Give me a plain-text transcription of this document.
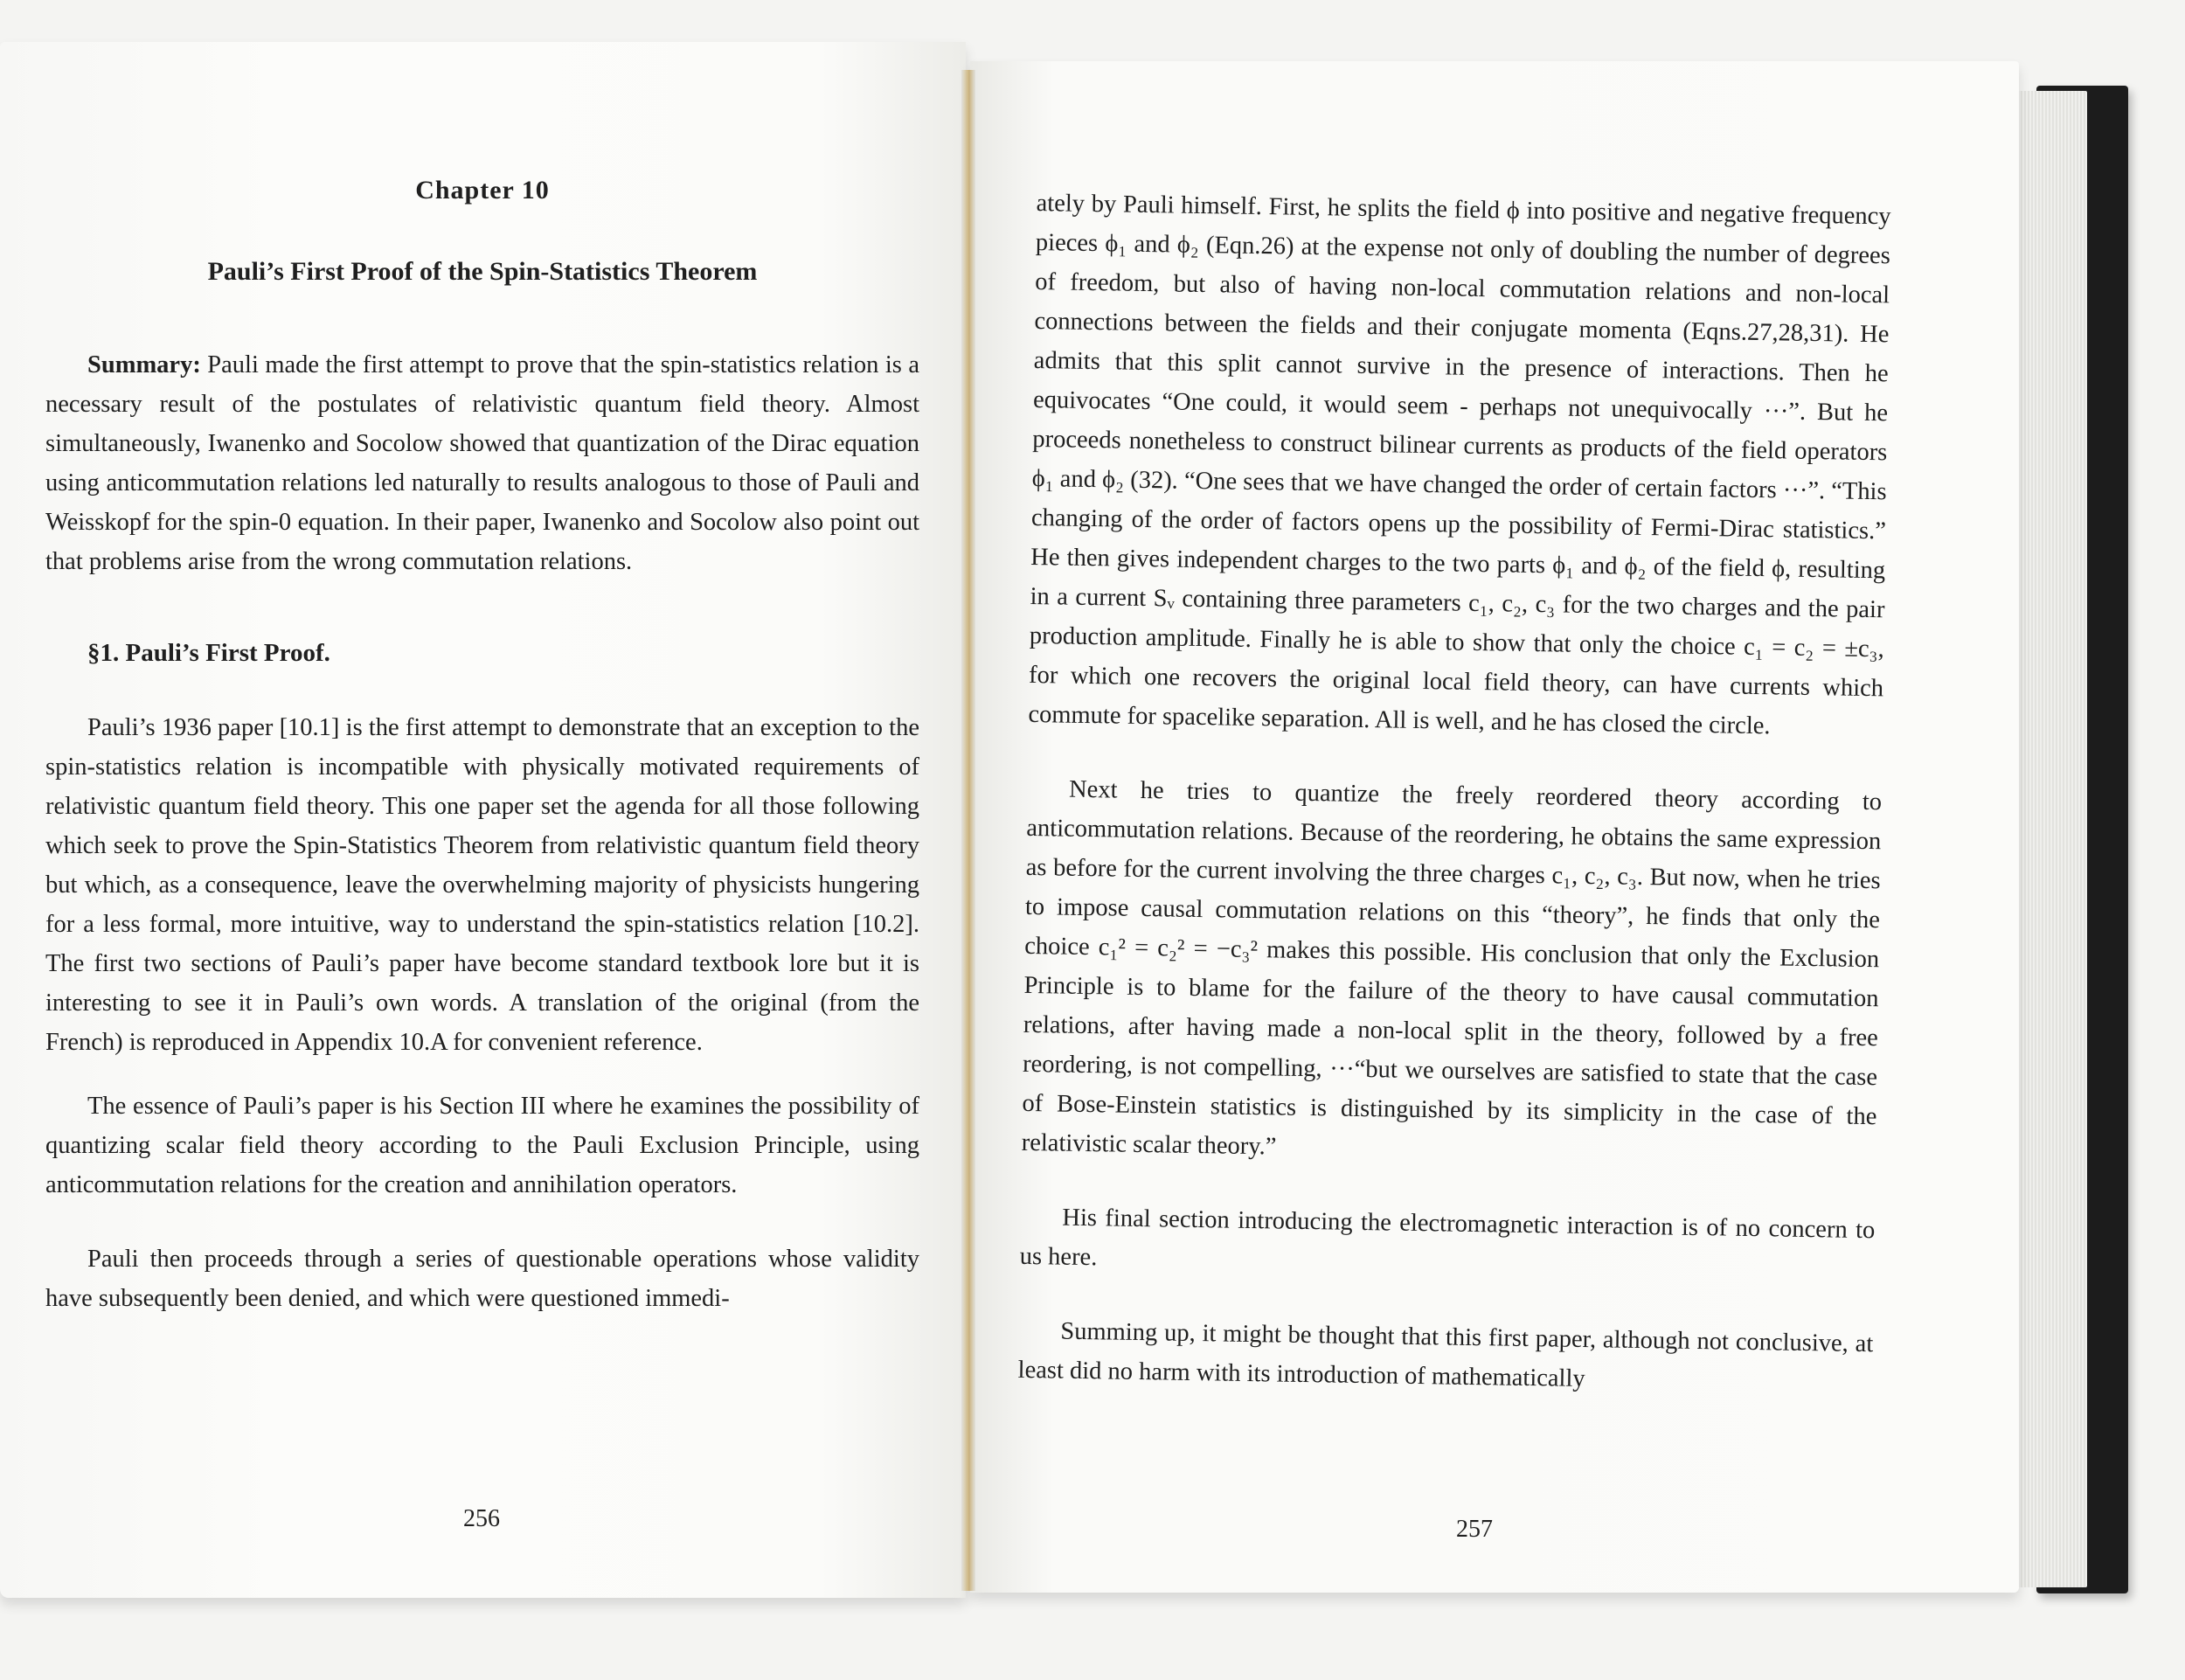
Chapter 10
Pauli’s First Proof of the Spin-Statistics Theorem

Summary: Pauli made the first attempt to prove that the spin-statistics relation is a necessary result of the postulates of relativistic quantum field theory. Almost simultaneously, Iwanenko and Socolow showed that quantization of the Dirac equation using anticommutation relations led naturally to results analogous to those of Pauli and Weisskopf for the spin-0 equation. In their paper, Iwanenko and Socolow also point out that problems arise from the wrong commutation relations.

§1. Pauli’s First Proof.

Pauli’s 1936 paper [10.1] is the first attempt to demonstrate that an exception to the spin-statistics relation is incompatible with physically motivated requirements of relativistic quantum field theory. This one paper set the agenda for all those following which seek to prove the Spin-Statistics Theorem from relativistic quantum field theory but which, as a consequence, leave the overwhelming majority of physicists hungering for a less formal, more intuitive, way to understand the spin-statistics relation [10.2]. The first two sections of Pauli’s paper have become standard textbook lore but it is interesting to see it in Pauli’s own words. A translation of the original (from the French) is reproduced in Appendix 10.A for convenient reference.

The essence of Pauli’s paper is his Section III where he examines the possibility of quantizing scalar field theory according to the Pauli Exclusion Principle, using anticommutation relations for the creation and annihilation operators.

Pauli then proceeds through a series of questionable operations whose validity have subsequently been denied, and which were questioned immedi-

256

ately by Pauli himself. First, he splits the field ϕ into positive and negative frequency pieces ϕ₁ and ϕ₂ (Eqn.26) at the expense not only of doubling the number of degrees of freedom, but also of having non-local commutation relations and non-local connections between the fields and their conjugate momenta (Eqns.27,28,31). He admits that this split cannot survive in the presence of interactions. Then he equivocates “One could, it would seem - perhaps not unequivocally ···”. But he proceeds nonetheless to construct bilinear currents as products of the field operators ϕ₁ and ϕ₂ (32). “One sees that we have changed the order of certain factors ···”. “This changing of the order of factors opens up the possibility of Fermi-Dirac statistics.” He then gives independent charges to the two parts ϕ₁ and ϕ₂ of the field ϕ, resulting in a current Sᵥ containing three parameters c₁, c₂, c₃ for the two charges and the pair production amplitude. Finally he is able to show that only the choice c₁ = c₂ = ±c₃, for which one recovers the original local field theory, can have currents which commute for spacelike separation. All is well, and he has closed the circle.

Next he tries to quantize the freely reordered theory according to anticommutation relations. Because of the reordering, he obtains the same expression as before for the current involving the three charges c₁, c₂, c₃. But now, when he tries to impose causal commutation relations on this “theory”, he finds that only the choice c₁² = c₂² = −c₃² makes this possible. His conclusion that only the Exclusion Principle is to blame for the failure of the theory to have causal commutation relations, after having made a non-local split in the theory, followed by a free reordering, is not compelling, ···“but we ourselves are satisfied to state that the case of Bose-Einstein statistics is distinguished by its simplicity in the case of the relativistic scalar theory.”

His final section introducing the electromagnetic interaction is of no concern to us here.

Summing up, it might be thought that this first paper, although not conclusive, at least did no harm with its introduction of mathematically

257
